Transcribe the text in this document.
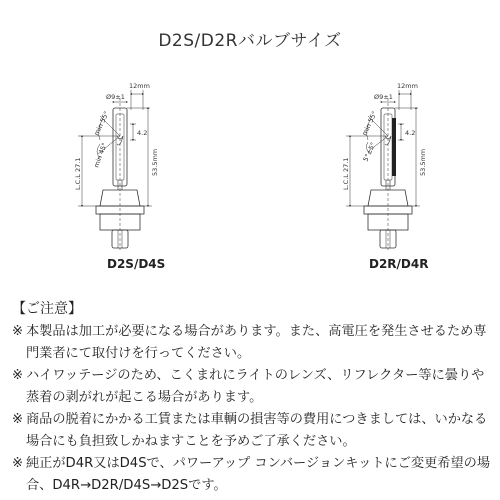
D2S/D2Rバルブサイズ
Ø9±1
12mm
4.2
53.5mm
L.C.L 27.1
min 55°
min 45°
Ø9±1
12mm
4.2
53.5mm
L.C.L 27.1
min 55°
5°±5°
D2S/D4S	D2R/D4R
【ご注意】
※ 本製品は加工が必要になる場合があります。また、高電圧を発生させるため専門業者にて取付けを行ってください。
※ ハイワッテージのため、こくまれにライトのレンズ、リフレクター等に曇りや蒸着の剥がれが起こる場合があります。
※ 商品の脱着にかかる工賃または車輌の損害等の費用につきましては、いかなる場合にも負担致しかねますことを予めご了承ください。
※ 純正がD4R又はD4Sで、パワーアップ コンバージョンキットにご変更希望の場合、D4R→D2R/D4S→D2Sです。
